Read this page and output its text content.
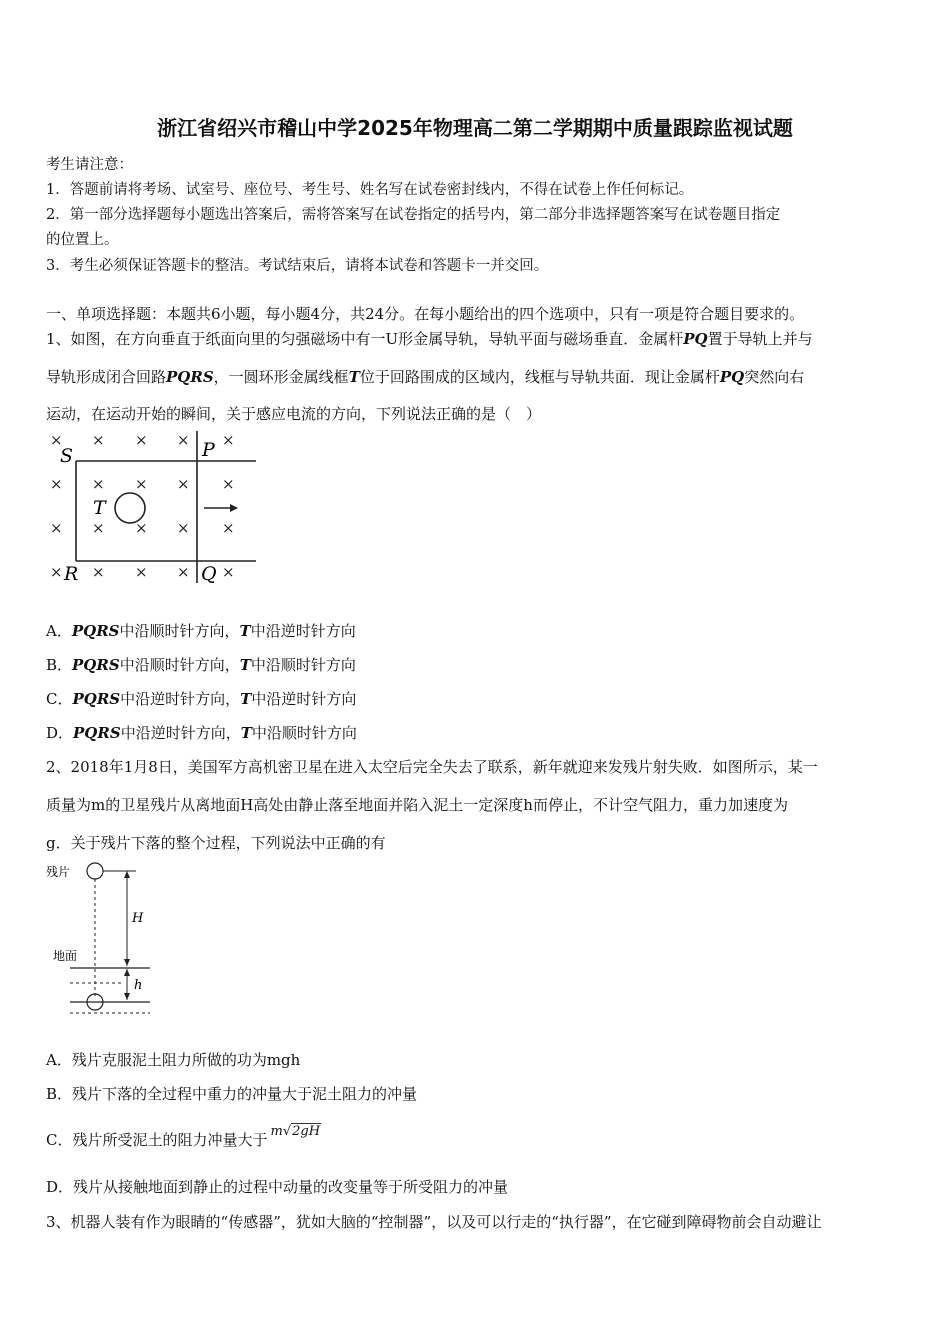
浙江省绍兴市稽山中学2025年物理高二第二学期期中质量跟踪监视试题
考生请注意：
1．答题前请将考场、试室号、座位号、考生号、姓名写在试卷密封线内，不得在试卷上作任何标记。
2．第一部分选择题每小题选出答案后，需将答案写在试卷指定的括号内，第二部分非选择题答案写在试卷题目指定
的位置上。
3．考生必须保证答题卡的整洁。考试结束后，请将本试卷和答题卡一并交回。
一、单项选择题：本题共6小题，每小题4分，共24分。在每小题给出的四个选项中，只有一项是符合题目要求的。
1、如图，在方向垂直于纸面向里的匀强磁场中有一U形金属导轨，导轨平面与磁场垂直．金属杆PQ置于导轨上并与
导轨形成闭合回路PQRS，一圆环形金属线框T位于回路围成的区域内，线框与导轨共面．现让金属杆PQ突然向右
运动，在运动开始的瞬间，关于感应电流的方向，下列说法正确的是（　）
× × × × ×
× × × × ×
× × × × ×
× × × × ×
S	P
T
R	Q
A．PQRS中沿顺时针方向，T中沿逆时针方向
B．PQRS中沿顺时针方向，T中沿顺时针方向
C．PQRS中沿逆时针方向，T中沿逆时针方向
D．PQRS中沿逆时针方向，T中沿顺时针方向
2、2018年1月8日，美国军方高机密卫星在进入太空后完全失去了联系，新年就迎来发残片射失败．如图所示，某一
质量为m的卫星残片从离地面H高处由静止落至地面并陷入泥土一定深度h而停止，不计空气阻力，重力加速度为
g．关于残片下落的整个过程，下列说法中正确的有
残片
H
地面
h
A．残片克服泥土阻力所做的功为mgh
B．残片下落的全过程中重力的冲量大于泥土阻力的冲量
C．残片所受泥土的阻力冲量大于 m√2gH
D．残片从接触地面到静止的过程中动量的改变量等于所受阻力的冲量
3、机器人装有作为眼睛的“传感器”，犹如大脑的“控制器”，以及可以行走的“执行器”，在它碰到障碍物前会自动避让
